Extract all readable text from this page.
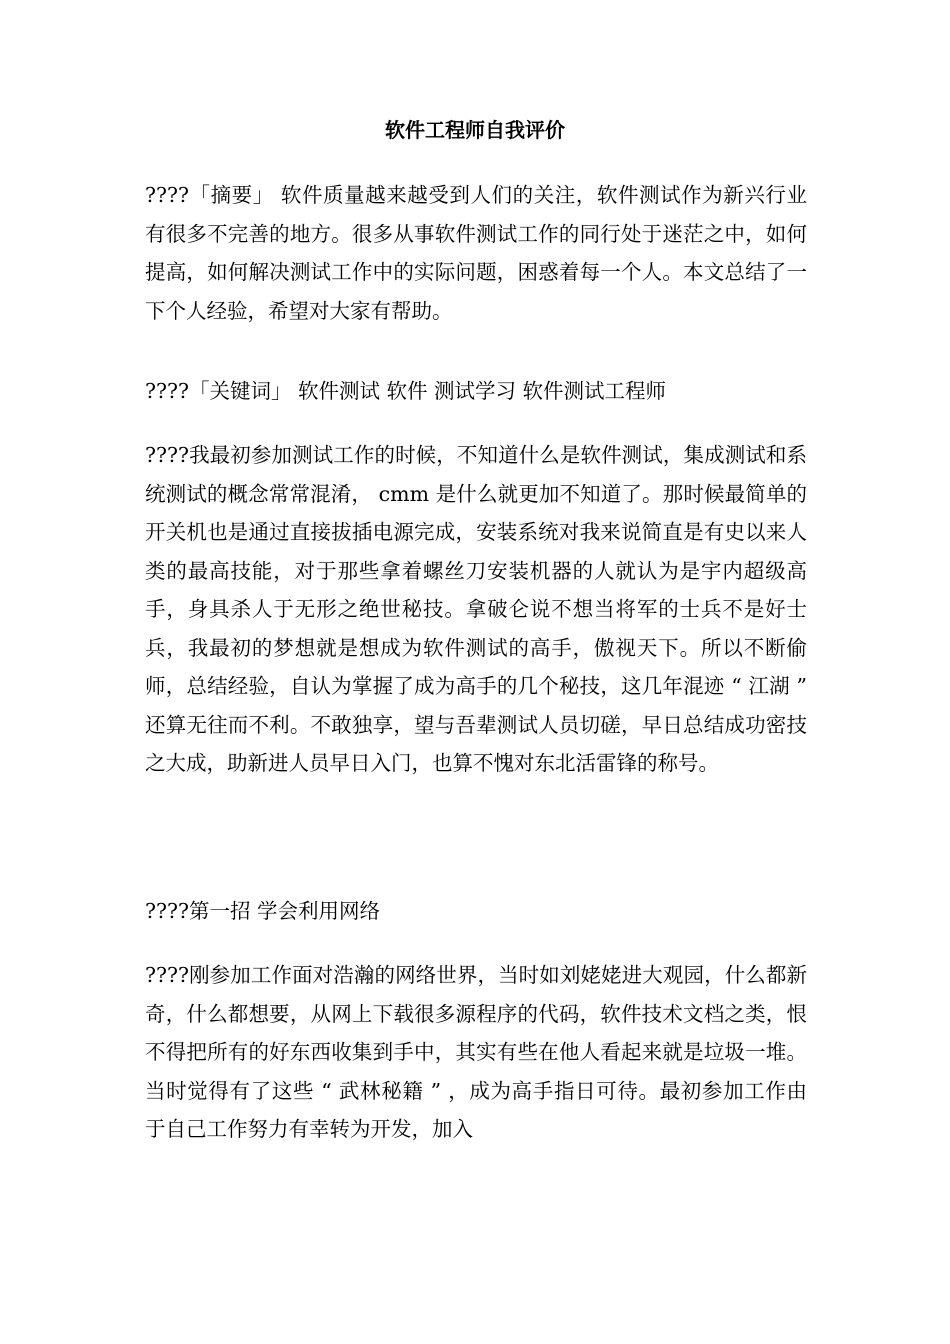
软件工程师自我评价

????「摘要」 软件质量越来越受到人们的关注，软件测试作为新兴行业有很多不完善的地方。很多从事软件测试工作的同行处于迷茫之中，如何提高，如何解决测试工作中的实际问题，困惑着每一个人。本文总结了一下个人经验，希望对大家有帮助。

????「关键词」 软件测试 软件 测试学习 软件测试工程师

????我最初参加测试工作的时候，不知道什么是软件测试，集成测试和系统测试的概念常常混淆， cmm 是什么就更加不知道了。那时候最简单的开关机也是通过直接拔插电源完成，安装系统对我来说简直是有史以来人类的最高技能，对于那些拿着螺丝刀安装机器的人就认为是宇内超级高手，身具杀人于无形之绝世秘技。拿破仑说不想当将军的士兵不是好士兵，我最初的梦想就是想成为软件测试的高手，傲视天下。所以不断偷师，总结经验，自认为掌握了成为高手的几个秘技，这几年混迹 “ 江湖 ” 还算无往而不利。不敢独享，望与吾辈测试人员切磋，早日总结成功密技之大成，助新进人员早日入门，也算不愧对东北活雷锋的称号。

????第一招 学会利用网络

????刚参加工作面对浩瀚的网络世界，当时如刘姥姥进大观园，什么都新奇，什么都想要，从网上下载很多源程序的代码，软件技术文档之类，恨不得把所有的好东西收集到手中，其实有些在他人看起来就是垃圾一堆。当时觉得有了这些 “ 武林秘籍 ” ，成为高手指日可待。最初参加工作由于自己工作努力有幸转为开发，加入
